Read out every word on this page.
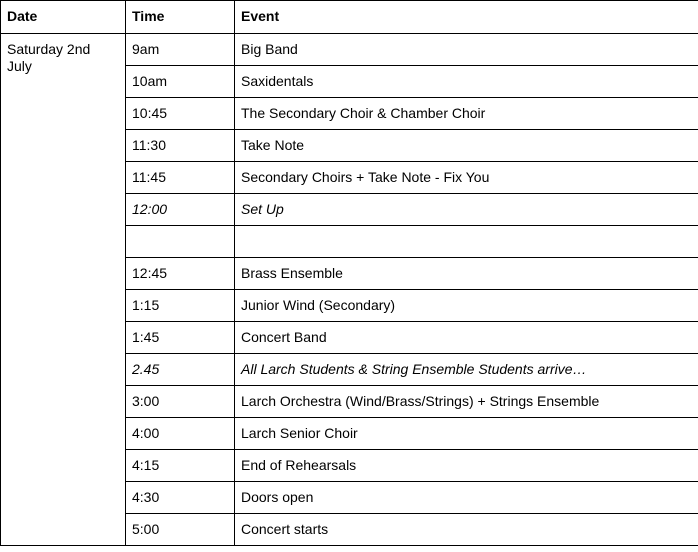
Date	Time	Event
Saturday 2nd July	9am	Big Band
	10am	Saxidentals
	10:45	The Secondary Choir & Chamber Choir
	11:30	Take Note
	11:45	Secondary Choirs + Take Note - Fix You
	12:00	Set Up

	12:45	Brass Ensemble
	1:15	Junior Wind (Secondary)
	1:45	Concert Band
	2.45	All Larch Students & String Ensemble Students arrive…
	3:00	Larch Orchestra (Wind/Brass/Strings) + Strings Ensemble
	4:00	Larch Senior Choir
	4:15	End of Rehearsals
	4:30	Doors open
	5:00	Concert starts
